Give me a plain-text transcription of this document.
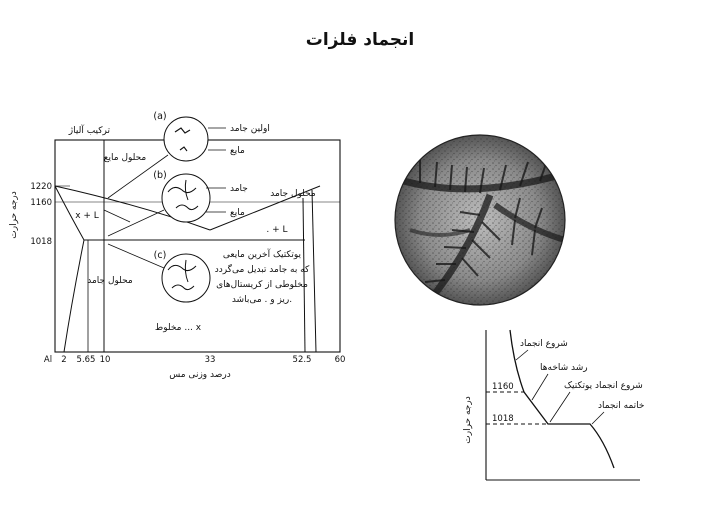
انجماد فلزات
1220
1160
1018
Al 2 5.65 10	33	52.5	60
درصد وزنی مس
درجه حرارت
ترکیب آلیاژ
محلول مایع
محلول جامد
محلول جامد
x + L
. + L
مخلوط ... x
یوتکتیک آخرین مایعی
که به جامد تبدیل می‌گردد
مخلوطی از کریستال‌های
ریز و . می‌باشد.
(a)
اولین جامد
مایع
(b)
جامد
مایع
(c)
1160
1018
درجه حرارت
شروع انجماد
رشد شاخه‌ها
شروع انجماد یوتکتیک
خاتمه انجماد
